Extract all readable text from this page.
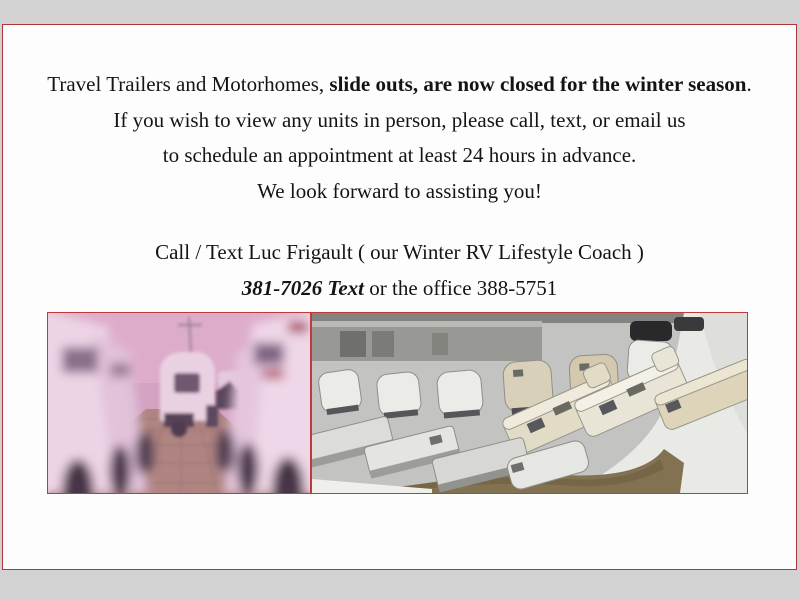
Travel Trailers and Motorhomes, slide outs, are now closed for the winter season.

If you wish to view any units in person, please call, text, or email us

to schedule an appointment at least 24 hours in advance.

We look forward to assisting you!

Call / Text Luc Frigault ( our Winter RV Lifestyle Coach )

381-7026 Text or the office 388-5751
